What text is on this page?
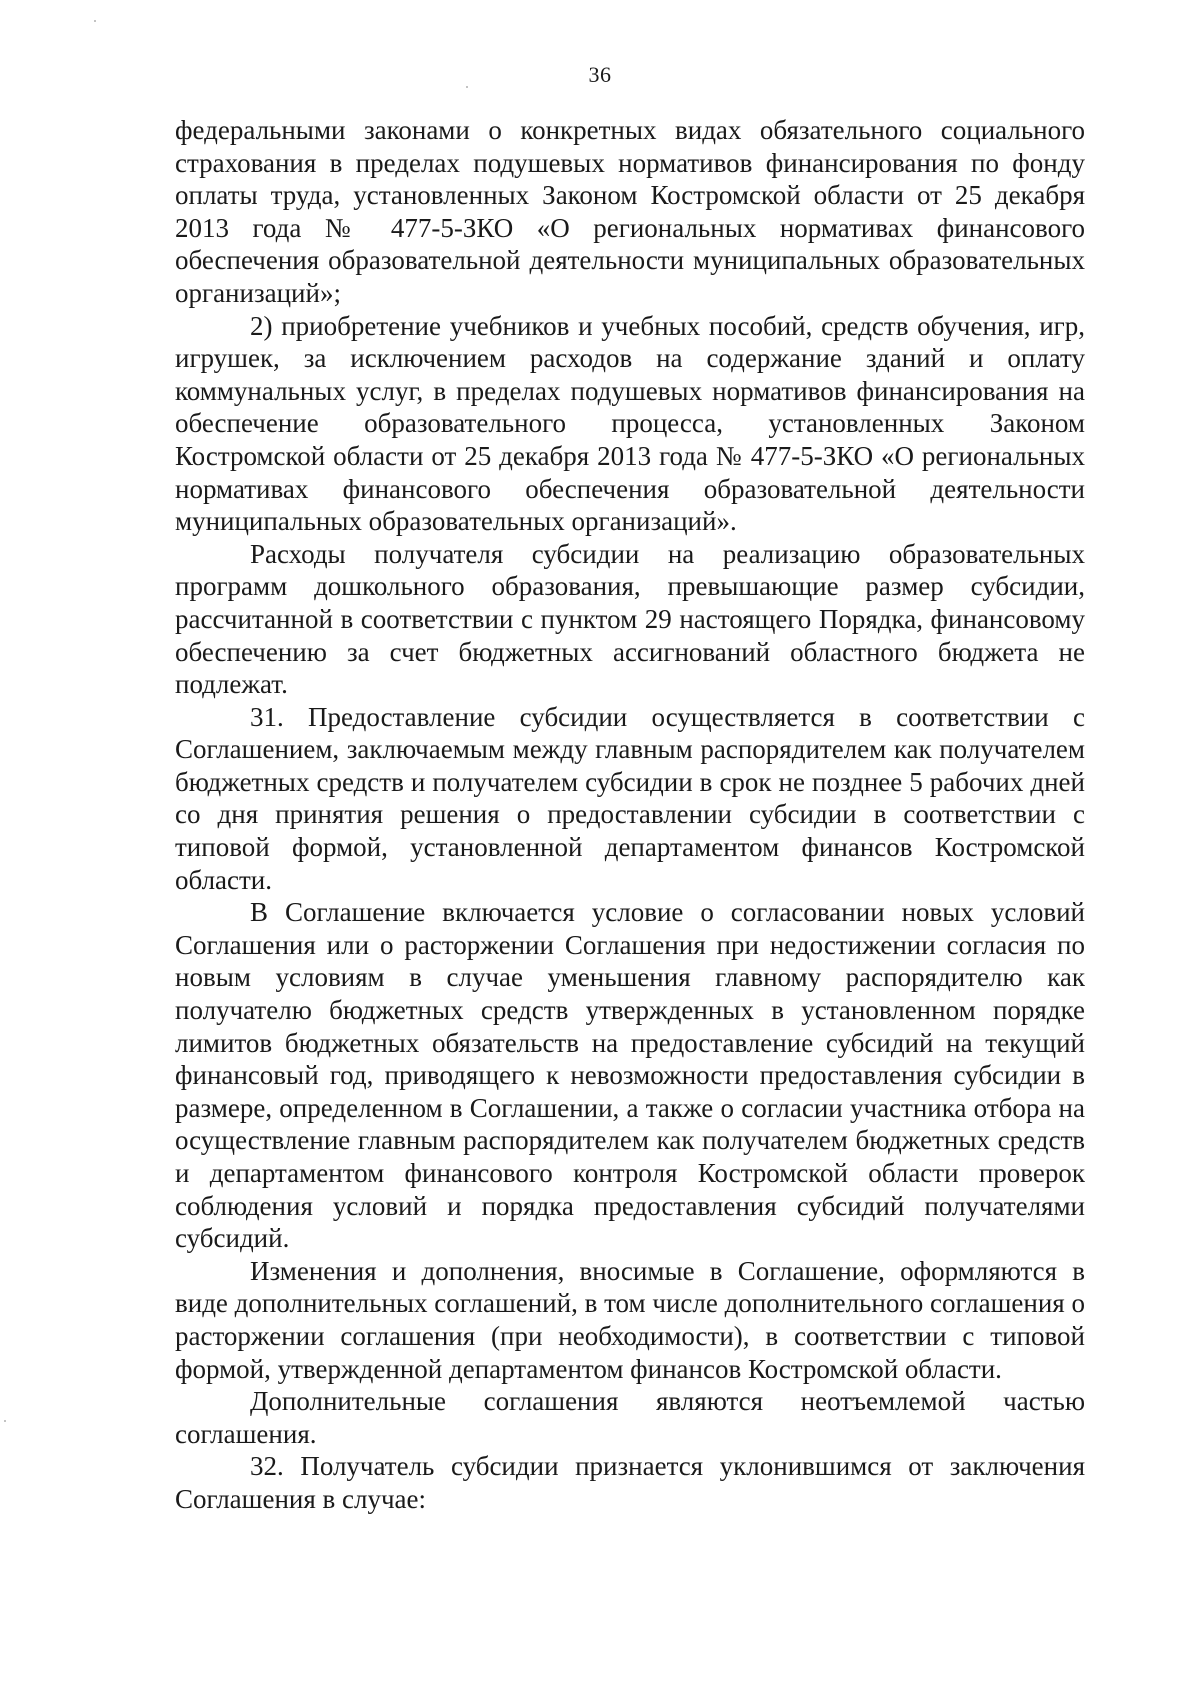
36

федеральными законами о конкретных видах обязательного социального страхования в пределах подушевых нормативов финансирования по фонду оплаты труда, установленных Законом Костромской области от 25 декабря 2013 года № 477-5-ЗКО «О региональных нормативах финансового обеспечения образовательной деятельности муниципальных образовательных организаций»;

2) приобретение учебников и учебных пособий, средств обучения, игр, игрушек, за исключением расходов на содержание зданий и оплату коммунальных услуг, в пределах подушевых нормативов финансирования на обеспечение образовательного процесса, установленных Законом Костромской области от 25 декабря 2013 года № 477-5-ЗКО «О региональных нормативах финансового обеспечения образовательной деятельности муниципальных образовательных организаций».

Расходы получателя субсидии на реализацию образовательных программ дошкольного образования, превышающие размер субсидии, рассчитанной в соответствии с пунктом 29 настоящего Порядка, финансовому обеспечению за счет бюджетных ассигнований областного бюджета не подлежат.

31. Предоставление субсидии осуществляется в соответствии с Соглашением, заключаемым между главным распорядителем как получателем бюджетных средств и получателем субсидии в срок не позднее 5 рабочих дней со дня принятия решения о предоставлении субсидии в соответствии с типовой формой, установленной департаментом финансов Костромской области.

В Соглашение включается условие о согласовании новых условий Соглашения или о расторжении Соглашения при недостижении согласия по новым условиям в случае уменьшения главному распорядителю как получателю бюджетных средств утвержденных в установленном порядке лимитов бюджетных обязательств на предоставление субсидий на текущий финансовый год, приводящего к невозможности предоставления субсидии в размере, определенном в Соглашении, а также о согласии участника отбора на осуществление главным распорядителем как получателем бюджетных средств и департаментом финансового контроля Костромской области проверок соблюдения условий и порядка предоставления субсидий получателями субсидий.

Изменения и дополнения, вносимые в Соглашение, оформляются в виде дополнительных соглашений, в том числе дополнительного соглашения о расторжении соглашения (при необходимости), в соответствии с типовой формой, утвержденной департаментом финансов Костромской области.

Дополнительные соглашения являются неотъемлемой частью соглашения.

32. Получатель субсидии признается уклонившимся от заключения Соглашения в случае:
